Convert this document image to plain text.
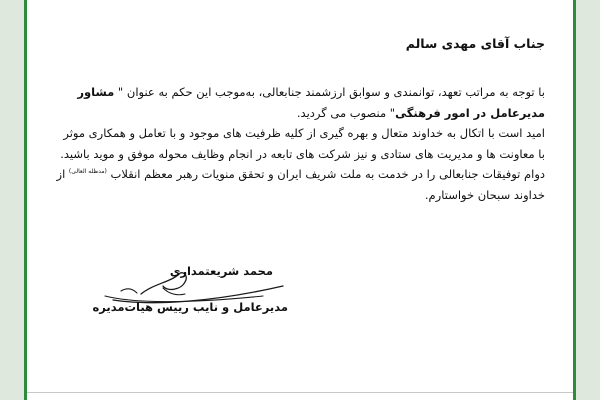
جناب آقای مهدی سالم
با توجه به مراتب تعهد، توانمندی و سوابق ارزشمند جنابعالی، به‌موجب این حکم به عنوان " مشاور
مدیرعامل در امور فرهنگی" منصوب می گردید.
امید است با اتکال به خداوند متعال و بهره گیری از کلیه ظرفیت های موجود و با تعامل و همکاری موثر
با معاونت ها و مدیریت های ستادی و نیز شرکت های تابعه در انجام وظایف محوله موفق و موید باشید.
دوام توفیقات جنابعالی را در خدمت به ملت شریف ایران و تحقق منویات رهبر معظم انقلاب $^{(مدظله العالی)}$ از
خداوند سبحان خواستارم.
محمد شریعتمداری
مدیرعامل و نایب رییس هیات‌مدیره
